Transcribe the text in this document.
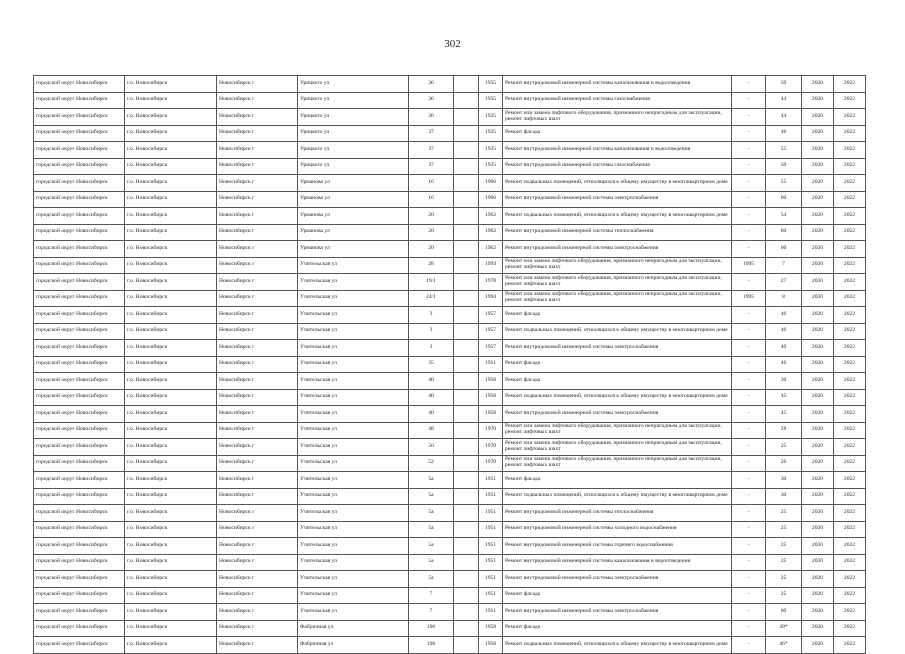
302
городской округ Новосибирск	г.о. Новосибирск	Новосибирск г	Урицкого ул	36		1935	Ремонт внутридомовой инженерной системы канализования и водоотведения	-	50	2020	2022
городской округ Новосибирск	г.о. Новосибирск	Новосибирск г	Урицкого ул	36		1935	Ремонт внутридомовой инженерной системы газоснабжения	-	44	2020	2022
городской округ Новосибирск	г.о. Новосибирск	Новосибирск г	Урицкого ул	36		1935	Ремонт или замена лифтового оборудования, признанного непригодным для эксплуатации, ремонт лифтовых шахт	-	44	2020	2022
городской округ Новосибирск	г.о. Новосибирск	Новосибирск г	Урицкого ул	37		1935	Ремонт фасада	-	46	2020	2022
городской округ Новосибирск	г.о. Новосибирск	Новосибирск г	Урицкого ул	37		1935	Ремонт внутридомовой инженерной системы канализования и водоотведения	-	55	2020	2022
городской округ Новосибирск	г.о. Новосибирск	Новосибирск г	Урицкого ул	37		1935	Ремонт внутридомовой инженерной системы газоснабжения	-	50	2020	2022
городской округ Новосибирск	г.о. Новосибирск	Новосибирск г	Урманова ул	16		1960	Ремонт подвальных помещений, относящихся к общему имуществу в многоквартирном доме	-	55	2020	2022
городской округ Новосибирск	г.о. Новосибирск	Новосибирск г	Урманова ул	16		1960	Ремонт внутридомовой инженерной системы электроснабжения	-	60	2020	2022
городской округ Новосибирск	г.о. Новосибирск	Новосибирск г	Урманова ул	20		1962	Ремонт подвальных помещений, относящихся к общему имуществу в многоквартирном доме	-	54	2020	2022
городской округ Новосибирск	г.о. Новосибирск	Новосибирск г	Урманова ул	20		1962	Ремонт внутридомовой инженерной системы теплоснабжения	-	60	2020	2022
городской округ Новосибирск	г.о. Новосибирск	Новосибирск г	Урманова ул	20		1962	Ремонт внутридомовой инженерной системы электроснабжения	-	60	2020	2022
городской округ Новосибирск	г.о. Новосибирск	Новосибирск г	Учительская ул	28		1994	Ремонт или замена лифтового оборудования, признанного непригодным для эксплуатации, ремонт лифтовых шахт	1995	7	2020	2022
городской округ Новосибирск	г.о. Новосибирск	Новосибирск г	Учительская ул	19/1		1978	Ремонт или замена лифтового оборудования, признанного непригодным для эксплуатации, ремонт лифтовых шахт	-	27	2020	2022
городской округ Новосибирск	г.о. Новосибирск	Новосибирск г	Учительская ул	24/1		1994	Ремонт или замена лифтового оборудования, признанного непригодным для эксплуатации, ремонт лифтовых шахт	1995	8	2020	2022
городской округ Новосибирск	г.о. Новосибирск	Новосибирск г	Учительская ул	3		1957	Ремонт фасада	-	46	2020	2022
городской округ Новосибирск	г.о. Новосибирск	Новосибирск г	Учительская ул	3		1957	Ремонт подвальных помещений, относящихся к общему имуществу в многоквартирном доме	-	46	2020	2022
городской округ Новосибирск	г.о. Новосибирск	Новосибирск г	Учительская ул	3		1957	Ремонт внутридомовой инженерной системы электроснабжения	-	40	2020	2022
городской округ Новосибирск	г.о. Новосибирск	Новосибирск г	Учительская ул	35		1951	Ремонт фасада	-	46	2020	2022
городской округ Новосибирск	г.о. Новосибирск	Новосибирск г	Учительская ул	40		1958	Ремонт фасада	-	30	2020	2022
городской округ Новосибирск	г.о. Новосибирск	Новосибирск г	Учительская ул	40		1958	Ремонт подвальных помещений, относящихся к общему имуществу в многоквартирном доме	-	45	2020	2022
городской округ Новосибирск	г.о. Новосибирск	Новосибирск г	Учительская ул	40		1958	Ремонт внутридомовой инженерной системы электроснабжения	-	45	2020	2022
городской округ Новосибирск	г.о. Новосибирск	Новосибирск г	Учительская ул	48		1970	Ремонт или замена лифтового оборудования, признанного непригодным для эксплуатации, ремонт лифтовых шахт	-	28	2020	2022
городской округ Новосибирск	г.о. Новосибирск	Новосибирск г	Учительская ул	50		1970	Ремонт или замена лифтового оборудования, признанного непригодным для эксплуатации, ремонт лифтовых шахт	-	25	2020	2022
городской округ Новосибирск	г.о. Новосибирск	Новосибирск г	Учительская ул	52		1970	Ремонт или замена лифтового оборудования, признанного непригодным для эксплуатации, ремонт лифтовых шахт	-	26	2020	2022
городской округ Новосибирск	г.о. Новосибирск	Новосибирск г	Учительская ул	5а		1951	Ремонт фасада	-	30	2020	2022
городской округ Новосибирск	г.о. Новосибирск	Новосибирск г	Учительская ул	5а		1951	Ремонт подвальных помещений, относящихся к общему имуществу в многоквартирном доме	-	30	2020	2022
городской округ Новосибирск	г.о. Новосибирск	Новосибирск г	Учительская ул	5а		1951	Ремонт внутридомовой инженерной системы теплоснабжения	-	25	2020	2022
городской округ Новосибирск	г.о. Новосибирск	Новосибирск г	Учительская ул	5а		1951	Ремонт внутридомовой инженерной системы холодного водоснабжения	-	25	2020	2022
городской округ Новосибирск	г.о. Новосибирск	Новосибирск г	Учительская ул	5а		1951	Ремонт внутридомовой инженерной системы горячего водоснабжения	-	25	2020	2022
городской округ Новосибирск	г.о. Новосибирск	Новосибирск г	Учительская ул	5а		1951	Ремонт внутридомовой инженерной системы канализования и водоотведения	-	25	2020	2022
городской округ Новосибирск	г.о. Новосибирск	Новосибирск г	Учительская ул	5а		1951	Ремонт внутридомовой инженерной системы электроснабжения	-	25	2020	2022
городской округ Новосибирск	г.о. Новосибирск	Новосибирск г	Учительская ул	7		1951	Ремонт фасада	-	25	2020	2022
городской округ Новосибирск	г.о. Новосибирск	Новосибирск г	Учительская ул	7		1951	Ремонт внутридомовой инженерной системы электроснабжения	-	60	2020	2022
городской округ Новосибирск	г.о. Новосибирск	Новосибирск г	Фабричная ул	196		1958	Ремонт фасада	-	49*	2020	2022
городской округ Новосибирск	г.о. Новосибирск	Новосибирск г	Фабричная ул	196		1958	Ремонт подвальных помещений, относящихся к общему имуществу в многоквартирном доме	-	46*	2020	2022
